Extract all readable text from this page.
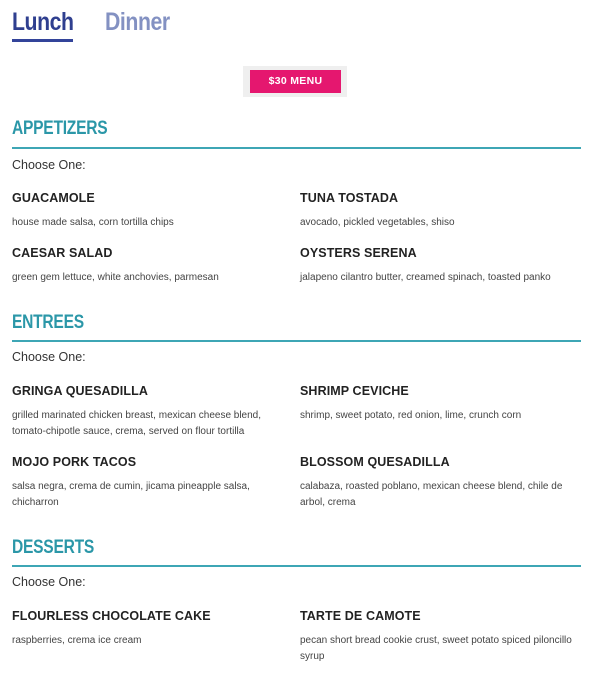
Lunch Dinner
$30 MENU
APPETIZERS
Choose One:
GUACAMOLE
house made salsa, corn tortilla chips
TUNA TOSTADA
avocado, pickled vegetables, shiso
CAESAR SALAD
green gem lettuce, white anchovies, parmesan
OYSTERS SERENA
jalapeno cilantro butter, creamed spinach, toasted panko
ENTREES
Choose One:
GRINGA QUESADILLA
grilled marinated chicken breast, mexican cheese blend, tomato-chipotle sauce, crema, served on flour tortilla
SHRIMP CEVICHE
shrimp, sweet potato, red onion, lime, crunch corn
MOJO PORK TACOS
salsa negra, crema de cumin, jicama pineapple salsa, chicharron
BLOSSOM QUESADILLA
calabaza, roasted poblano, mexican cheese blend, chile de arbol, crema
DESSERTS
Choose One:
FLOURLESS CHOCOLATE CAKE
raspberries, crema ice cream
TARTE DE CAMOTE
pecan short bread cookie crust, sweet potato spiced piloncillo syrup
